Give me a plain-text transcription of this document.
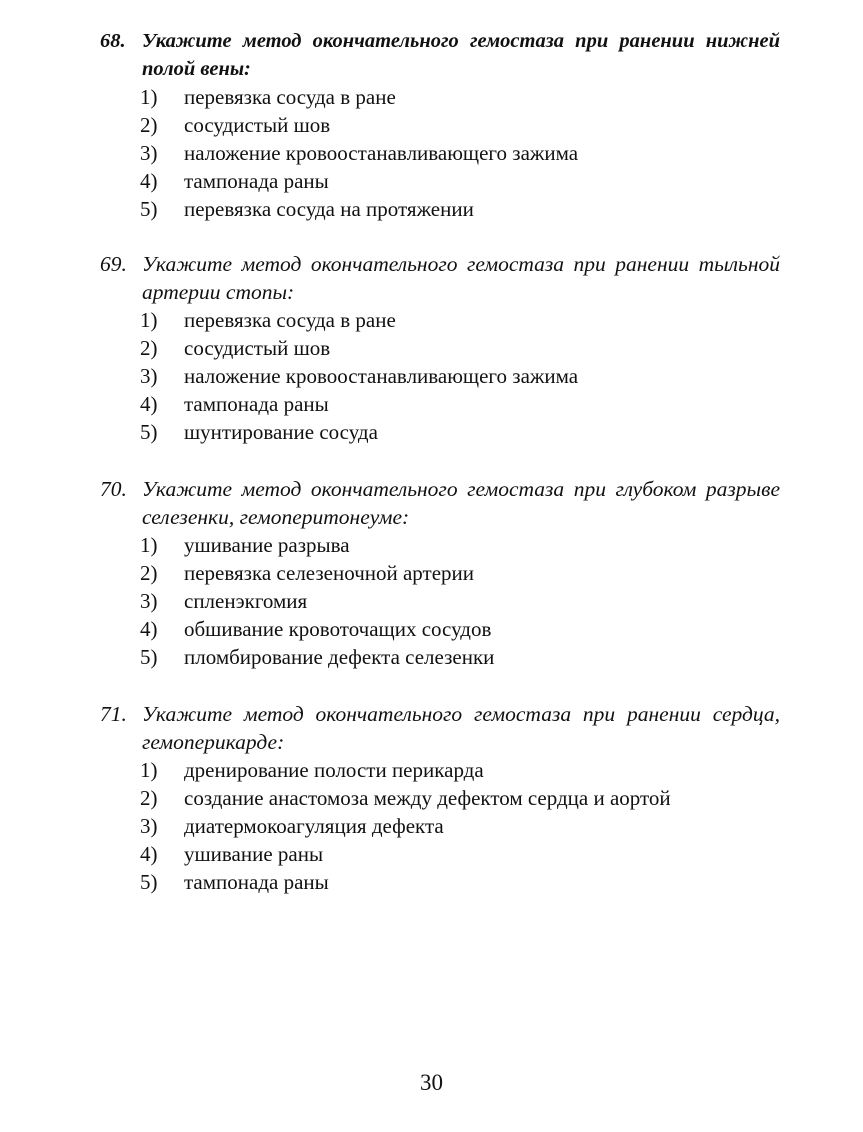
68. Укажите метод окончательного гемостаза при ранении нижней полой вены:
1)	перевязка сосуда в ране
2)	сосудистый шов
3)	наложение кровоостанавливающего зажима
4)	тампонада раны
5)	перевязка сосуда на протяжении
69. Укажите метод окончательного гемостаза при ранении тыльной артерии стопы:
1)	перевязка сосуда в ране
2)	сосудистый шов
3)	наложение кровоостанавливающего зажима
4)	тампонада раны
5)	шунтирование сосуда
70. Укажите метод окончательного гемостаза при глубоком разрыве селезенки, гемоперитонеуме:
1)	ушивание разрыва
2)	перевязка селезеночной артерии
3)	спленэкгомия
4)	обшивание кровоточащих сосудов
5)	пломбирование дефекта селезенки
71. Укажите метод окончательного гемостаза при ранении сердца, гемоперикарде:
1)	дренирование полости перикарда
2)	создание анастомоза между дефектом сердца и аортой
3)	диатермокоагуляция дефекта
4)	ушивание раны
5)	тампонада раны
30
